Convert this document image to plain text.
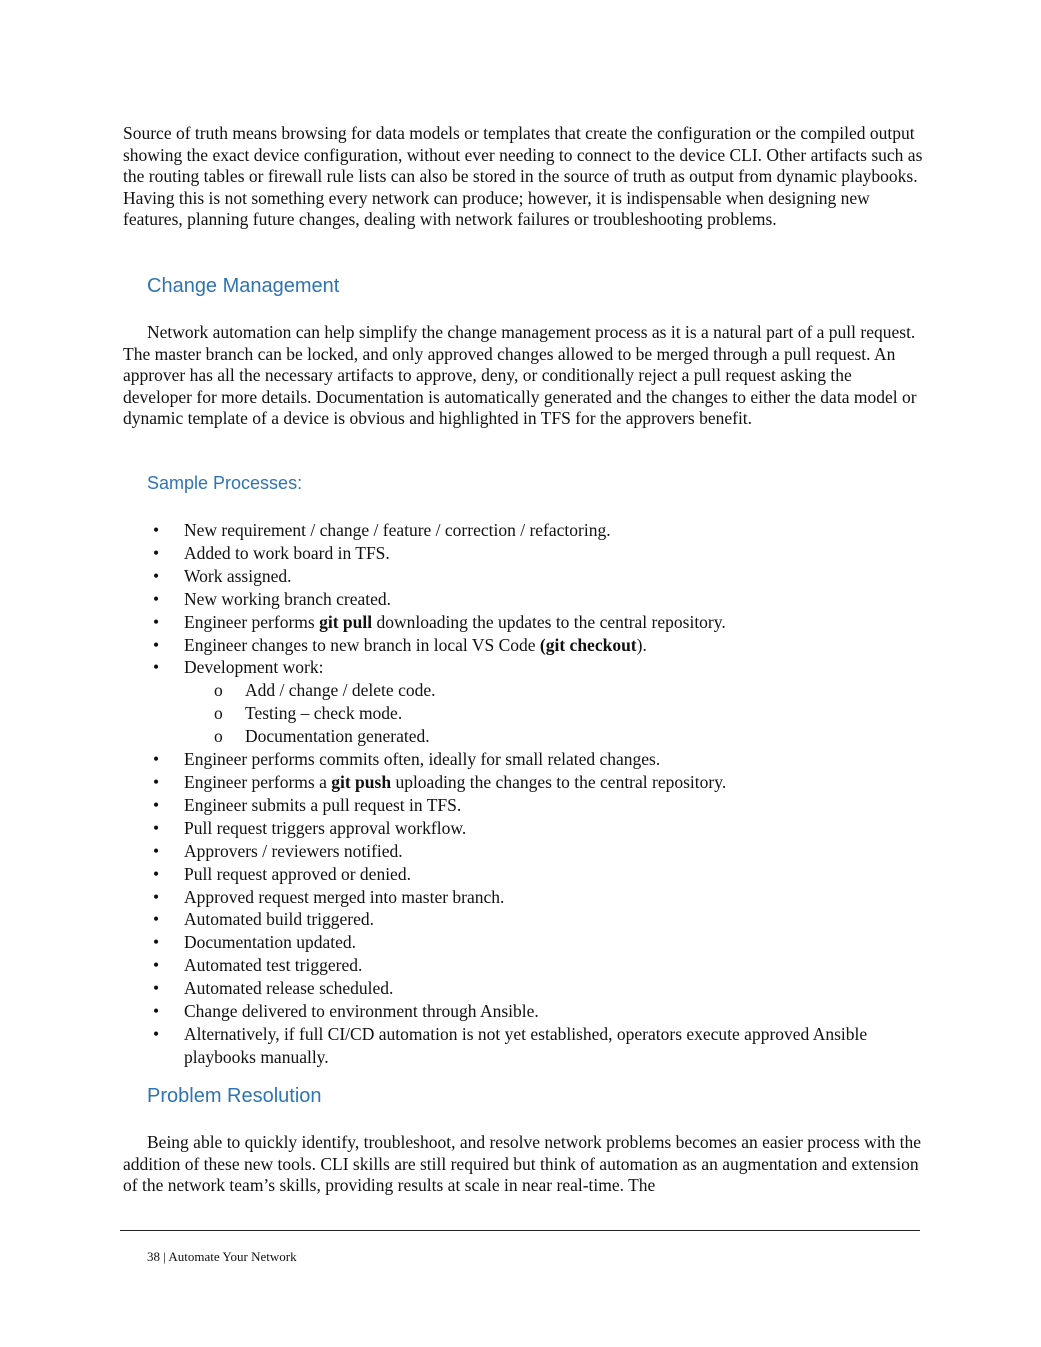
Source of truth means browsing for data models or templates that create the configuration or the compiled output showing the exact device configuration, without ever needing to connect to the device CLI. Other artifacts such as the routing tables or firewall rule lists can also be stored in the source of truth as output from dynamic playbooks. Having this is not something every network can produce; however, it is indispensable when designing new features, planning future changes, dealing with network failures or troubleshooting problems.

Change Management

Network automation can help simplify the change management process as it is a natural part of a pull request. The master branch can be locked, and only approved changes allowed to be merged through a pull request. An approver has all the necessary artifacts to approve, deny, or conditionally reject a pull request asking the developer for more details. Documentation is automatically generated and the changes to either the data model or dynamic template of a device is obvious and highlighted in TFS for the approvers benefit.

Sample Processes:
• New requirement / change / feature / correction / refactoring.
• Added to work board in TFS.
• Work assigned.
• New working branch created.
• Engineer performs git pull downloading the updates to the central repository.
• Engineer changes to new branch in local VS Code (git checkout).
• Development work:
o Add / change / delete code.
o Testing – check mode.
o Documentation generated.
• Engineer performs commits often, ideally for small related changes.
• Engineer performs a git push uploading the changes to the central repository.
• Engineer submits a pull request in TFS.
• Pull request triggers approval workflow.
• Approvers / reviewers notified.
• Pull request approved or denied.
• Approved request merged into master branch.
• Automated build triggered.
• Documentation updated.
• Automated test triggered.
• Automated release scheduled.
• Change delivered to environment through Ansible.
• Alternatively, if full CI/CD automation is not yet established, operators execute approved Ansible playbooks manually.
Problem Resolution

Being able to quickly identify, troubleshoot, and resolve network problems becomes an easier process with the addition of these new tools. CLI skills are still required but think of automation as an augmentation and extension of the network team’s skills, providing results at scale in near real-time. The

38 | Automate Your Network
